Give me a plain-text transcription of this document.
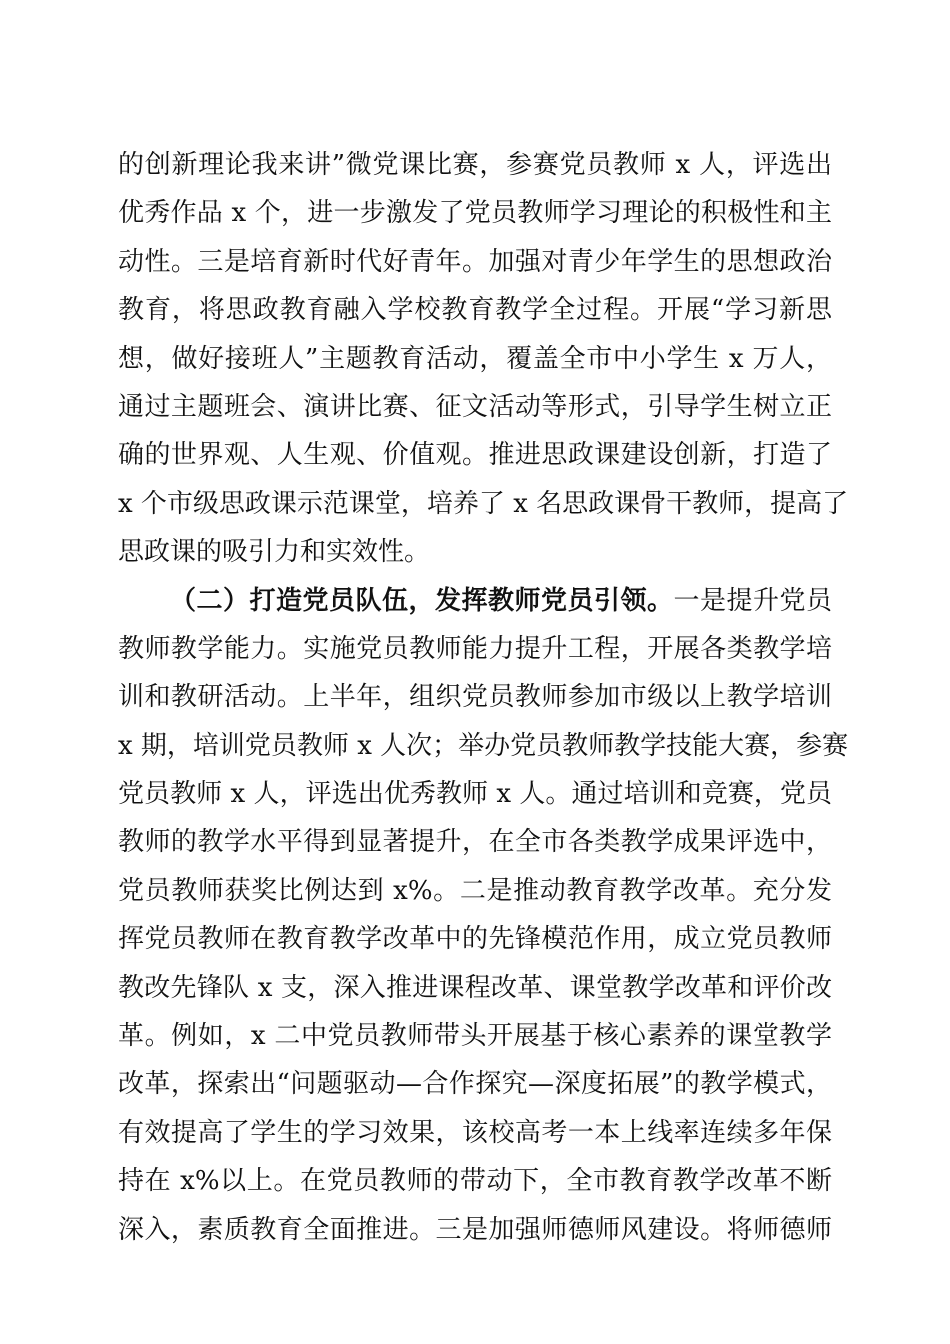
的创新理论我来讲”微党课比赛，参赛党员教师 x 人，评选出
优秀作品 x 个，进一步激发了党员教师学习理论的积极性和主
动性。三是培育新时代好青年。加强对青少年学生的思想政治
教育，将思政教育融入学校教育教学全过程。开展“学习新思
想，做好接班人”主题教育活动，覆盖全市中小学生 x 万人，
通过主题班会、演讲比赛、征文活动等形式，引导学生树立正
确的世界观、人生观、价值观。推进思政课建设创新，打造了
x 个市级思政课示范课堂，培养了 x 名思政课骨干教师，提高了
思政课的吸引力和实效性。
（二）打造党员队伍，发挥教师党员引领。一是提升党员
教师教学能力。实施党员教师能力提升工程，开展各类教学培
训和教研活动。上半年，组织党员教师参加市级以上教学培训
x 期，培训党员教师 x 人次；举办党员教师教学技能大赛，参赛
党员教师 x 人，评选出优秀教师 x 人。通过培训和竞赛，党员
教师的教学水平得到显著提升，在全市各类教学成果评选中，
党员教师获奖比例达到 x%。二是推动教育教学改革。充分发
挥党员教师在教育教学改革中的先锋模范作用，成立党员教师
教改先锋队 x 支，深入推进课程改革、课堂教学改革和评价改
革。例如，x 二中党员教师带头开展基于核心素养的课堂教学
改革，探索出“问题驱动—合作探究—深度拓展”的教学模式，
有效提高了学生的学习效果，该校高考一本上线率连续多年保
持在 x%以上。在党员教师的带动下，全市教育教学改革不断
深入，素质教育全面推进。三是加强师德师风建设。将师德师
